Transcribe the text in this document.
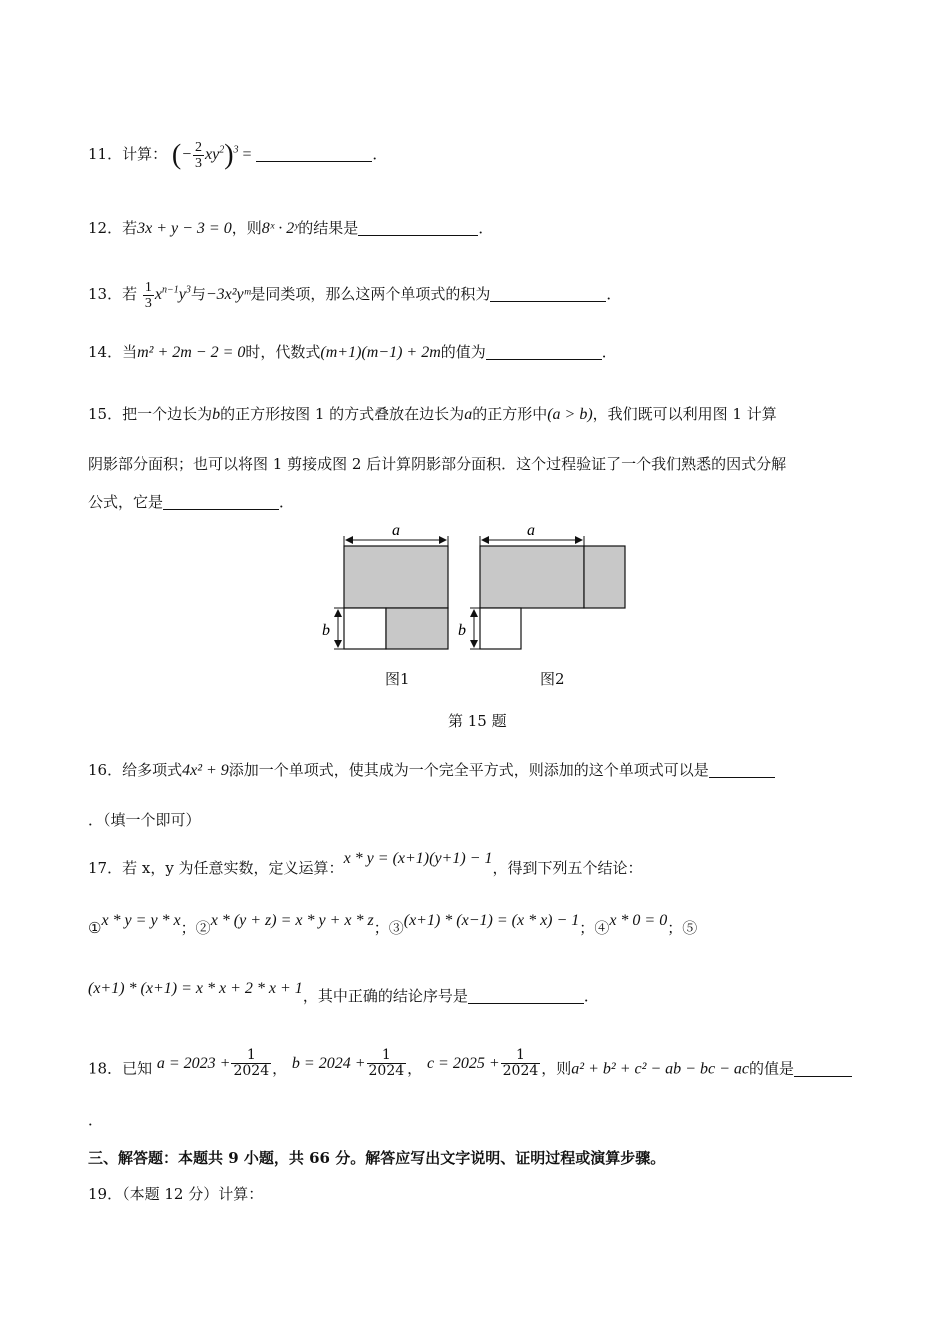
11．计算： (− $\frac{2}{3} xy^2)^3$ =	．
12．若3x + y − 3 = 0，则8ˣ · 2ʸ的结果是	．
13．若 $\frac{1}{3} x^{n-1}y^3$与−3x²yᵐ是同类项，那么这两个单项式的积为	．
14．当m² + 2m − 2 = 0时，代数式(m+1)(m−1) + 2m的值为	．
15．把一个边长为b的正方形按图 1 的方式叠放在边长为a的正方形中(a > b)，我们既可以利用图 1 计算
阴影部分面积；也可以将图 1 剪接成图 2 后计算阴影部分面积．这个过程验证了一个我们熟悉的因式分解
公式，它是	．
a
b
a
b
图1	图2
第 15 题
16．给多项式4x² + 9添加一个单项式，使其成为一个完全平方式，则添加的这个单项式可以是
．（填一个即可）
17．若 x，y 为任意实数，定义运算：x * y = (x+1)(y+1) − 1，得到下列五个结论：
①x * y = y * x；②x * (y + z) = x * y + x * z；③(x+1) * (x−1) = (x * x) − 1；④x * 0 = 0；⑤
(x+1) * (x+1) = x * x + 2 * x + 1，其中正确的结论序号是	．
18．已知 $a = 2023 + \frac{1}{2024}$ ， $b = 2024 + \frac{1}{2024}$ ， $c = 2025 + \frac{1}{2024}$ ，则a² + b² + c² − ab − bc − ac的值是
．
三、解答题：本题共 9 小题，共 66 分。解答应写出文字说明、证明过程或演算步骤。
19．（本题 12 分）计算：
